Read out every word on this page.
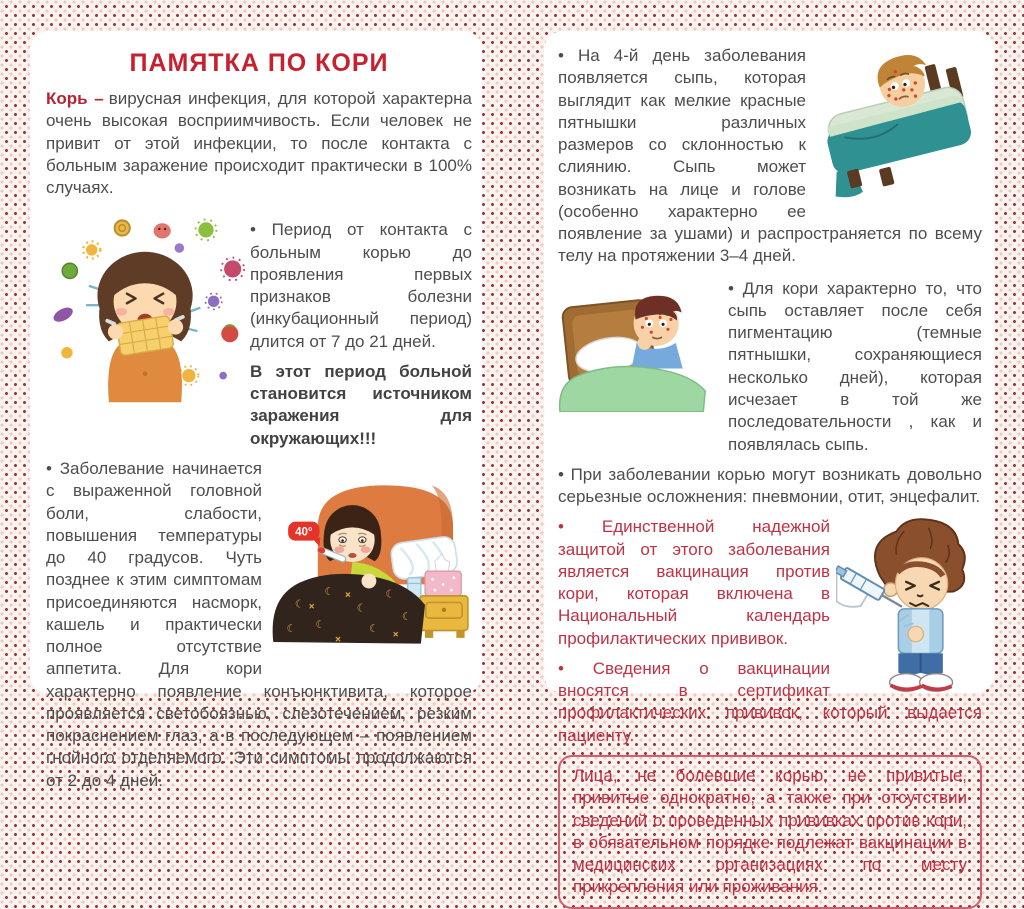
ПАМЯТКА ПО КОРИ

Корь – вирусная инфекция, для которой характерна очень высокая восприимчивость. Если человек не привит от этой инфекции, то после контакта с больным заражение происходит практически в 100% случаях.

• Период от контакта с больным корью до проявления первых признаков болезни (инкубационный период) длится от 7 до 21 дней.

В этот период больной становится источником заражения для окружающих!!!

40°
☾
☾
☾
☾
☾	☾
☾
☾

• Заболевание начинается с выраженной головной боли, слабости, повышения температуры до 40 градусов. Чуть позднее к этим симптомам присоединяются насморк, кашель и практически полное отсутствие аппетита. Для кори характерно появление конъюнктивита, которое проявляется светобоязнью, слезотечением, резким покраснением глаз, а в последующем – появлением гнойного отделяемого. Эти симптомы продолжаются от 2 до 4 дней.

• На 4-й день заболевания появляется сыпь, которая выглядит как мелкие красные пятнышки различных размеров со склонностью к слиянию. Сыпь может возникать на лице и голове (особенно характерно ее появление за ушами) и распространяется по всему телу на протяжении 3–4 дней.

• Для кори характерно то, что сыпь оставляет после себя пигментацию (темные пятнышки, сохраняющиеся несколько дней), которая исчезает в той же последовательности , как и появлялась сыпь.

• При заболевании корью могут возникать довольно серьезные осложнения: пневмонии, отит, энцефалит.

• Единственной надежной защитой от этого заболевания является вакцинация против кори, которая включена в Национальный календарь профилактических прививок.

• Сведения о вакцинации вносятся в сертификат профилактических прививок, который выдается пациенту.

Лица, не болевшие корью, не привитые, привитые однократно, а также при отсутствии сведений о проведенных прививках против кори, в обязательном порядке подлежат вакцинации в медицинских организациях по месту прикрепления или проживания.
